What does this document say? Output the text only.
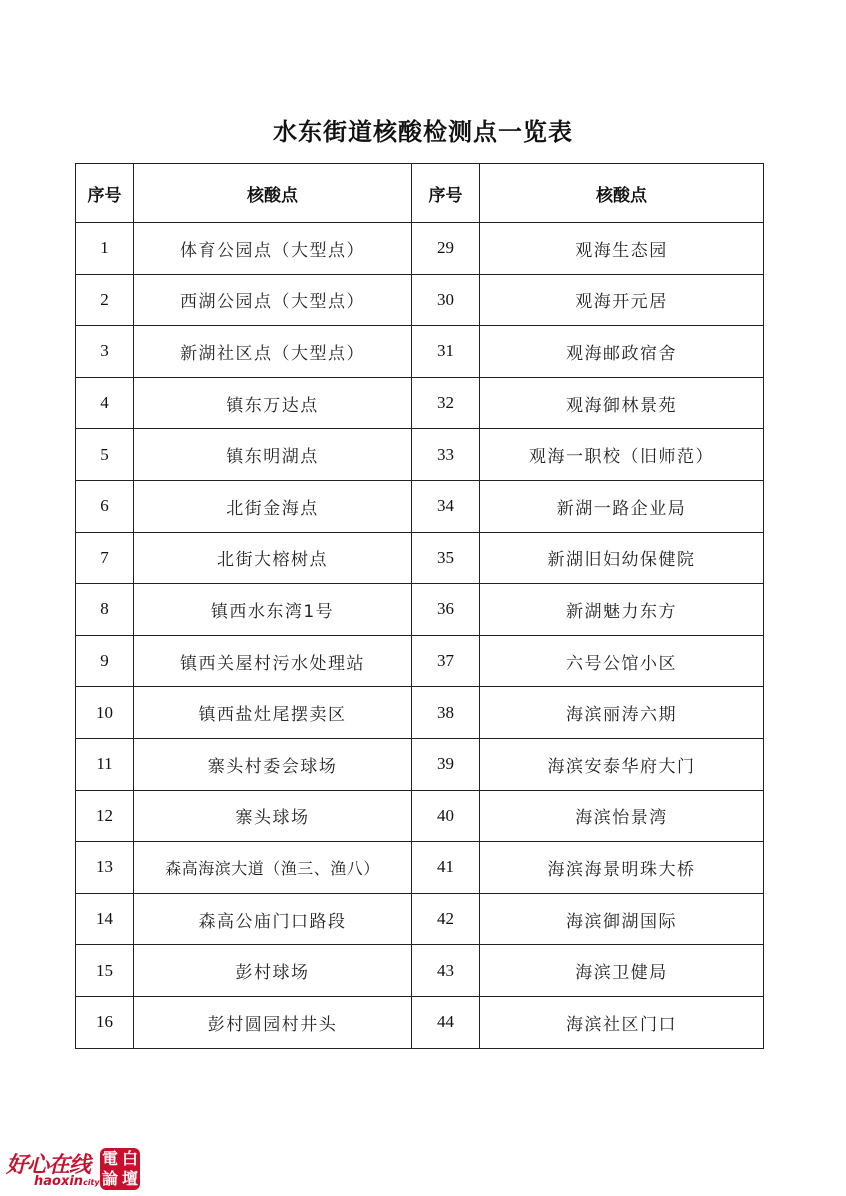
水东街道核酸检测点一览表
序号	核酸点	序号	核酸点
1	体育公园点（大型点）	29	观海生态园
2	西湖公园点（大型点）	30	观海开元居
3	新湖社区点（大型点）	31	观海邮政宿舍
4	镇东万达点	32	观海御林景苑
5	镇东明湖点	33	观海一职校（旧师范）
6	北街金海点	34	新湖一路企业局
7	北街大榕树点	35	新湖旧妇幼保健院
8	镇西水东湾1号	36	新湖魅力东方
9	镇西关屋村污水处理站	37	六号公馆小区
10	镇西盐灶尾摆卖区	38	海滨丽涛六期
11	寨头村委会球场	39	海滨安泰华府大门
12	寨头球场	40	海滨怡景湾
13	森高海滨大道（渔三、渔八）	41	海滨海景明珠大桥
14	森高公庙门口路段	42	海滨御湖国际
15	彭村球场	43	海滨卫健局
16	彭村圆园村井头	44	海滨社区门口
好心在线
haoxincity
電 白
論 壇
